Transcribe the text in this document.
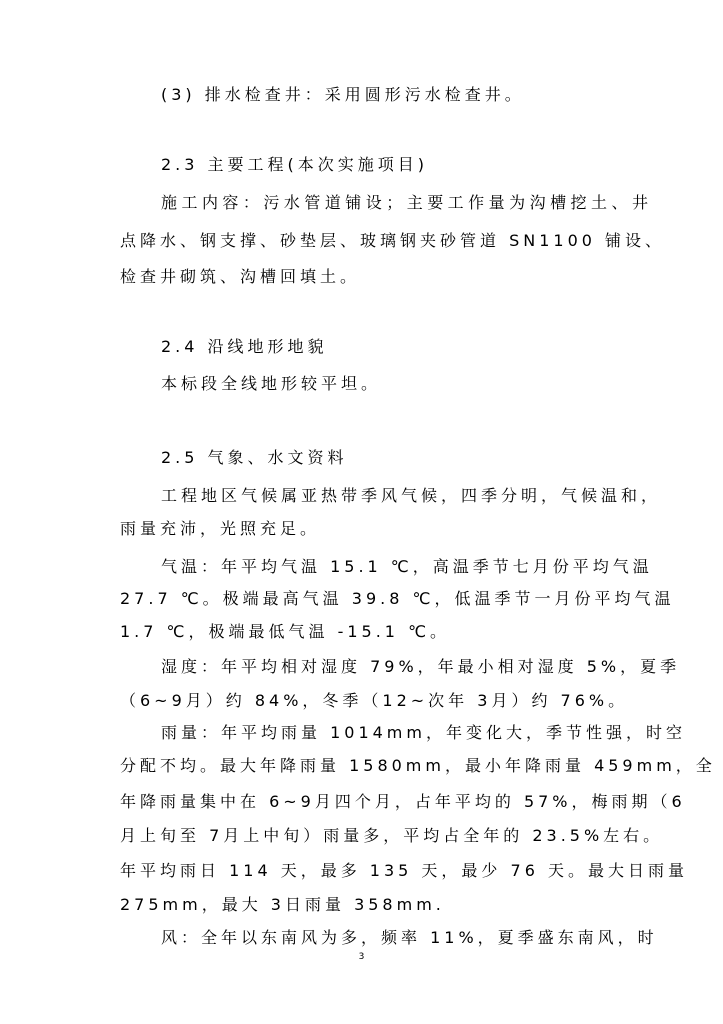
(3) 排水检查井：采用圆形污水检查井。
2.3 主要工程(本次实施项目)
施工内容：污水管道铺设；主要工作量为沟槽挖土、井
点降水、钢支撑、砂垫层、玻璃钢夹砂管道 SN1100 铺设、
检查井砌筑、沟槽回填土。
2.4 沿线地形地貌
本标段全线地形较平坦。
2.5 气象、水文资料
工程地区气候属亚热带季风气候，四季分明，气候温和，
雨量充沛，光照充足。
气温：年平均气温 15.1 ℃，高温季节七月份平均气温
27.7 ℃。极端最高气温 39.8 ℃，低温季节一月份平均气温
1.7 ℃，极端最低气温 -15.1 ℃。
湿度：年平均相对湿度 79%，年最小相对湿度 5%，夏季
（6~9月）约 84%，冬季（12~次年 3月）约 76%。
雨量：年平均雨量 1014mm，年变化大，季节性强，时空
分配不均。最大年降雨量 1580mm，最小年降雨量 459mm，全
年降雨量集中在 6~9月四个月，占年平均的 57%，梅雨期（6
月上旬至 7月上中旬）雨量多，平均占全年的 23.5%左右。
年平均雨日 114 天，最多 135 天，最少 76 天。最大日雨量
275mm，最大 3日雨量 358mm.
风：全年以东南风为多，频率 11%，夏季盛东南风，时
3
